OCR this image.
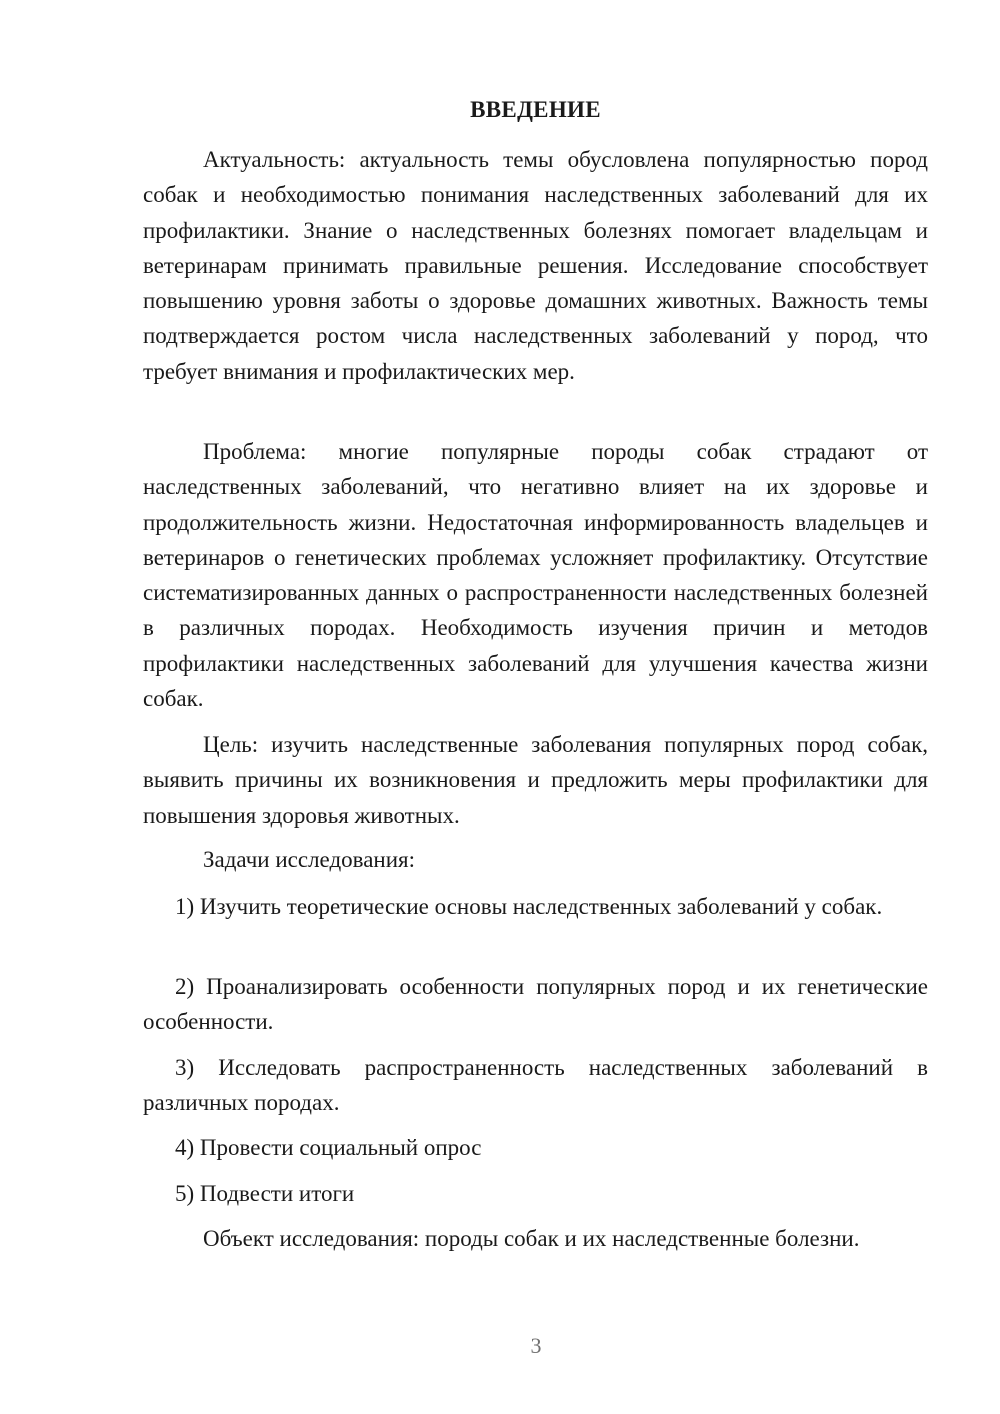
ВВЕДЕНИЕ

Актуальность: актуальность темы обусловлена популярностью пород собак и необходимостью понимания наследственных заболеваний для их профилактики. Знание о наследственных болезнях помогает владельцам и ветеринарам принимать правильные решения. Исследование способствует повышению уровня заботы о здоровье домашних животных. Важность темы подтверждается ростом числа наследственных заболеваний у пород, что требует внимания и профилактических мер.

Проблема: многие популярные породы собак страдают от наследственных заболеваний, что негативно влияет на их здоровье и продолжительность жизни. Недостаточная информированность владельцев и ветеринаров о генетических проблемах усложняет профилактику. Отсутствие систематизированных данных о распространенности наследственных болезней в различных породах. Необходимость изучения причин и методов профилактики наследственных заболеваний для улучшения качества жизни собак.

Цель: изучить наследственные заболевания популярных пород собак, выявить причины их возникновения и предложить меры профилактики для повышения здоровья животных.

Задачи исследования:

1) Изучить теоретические основы наследственных заболеваний у собак.

2) Проанализировать особенности популярных пород и их генетические особенности.

3) Исследовать распространенность наследственных заболеваний в различных породах.

4) Провести социальный опрос

5) Подвести итоги

Объект исследования: породы собак и их наследственные болезни.

3
